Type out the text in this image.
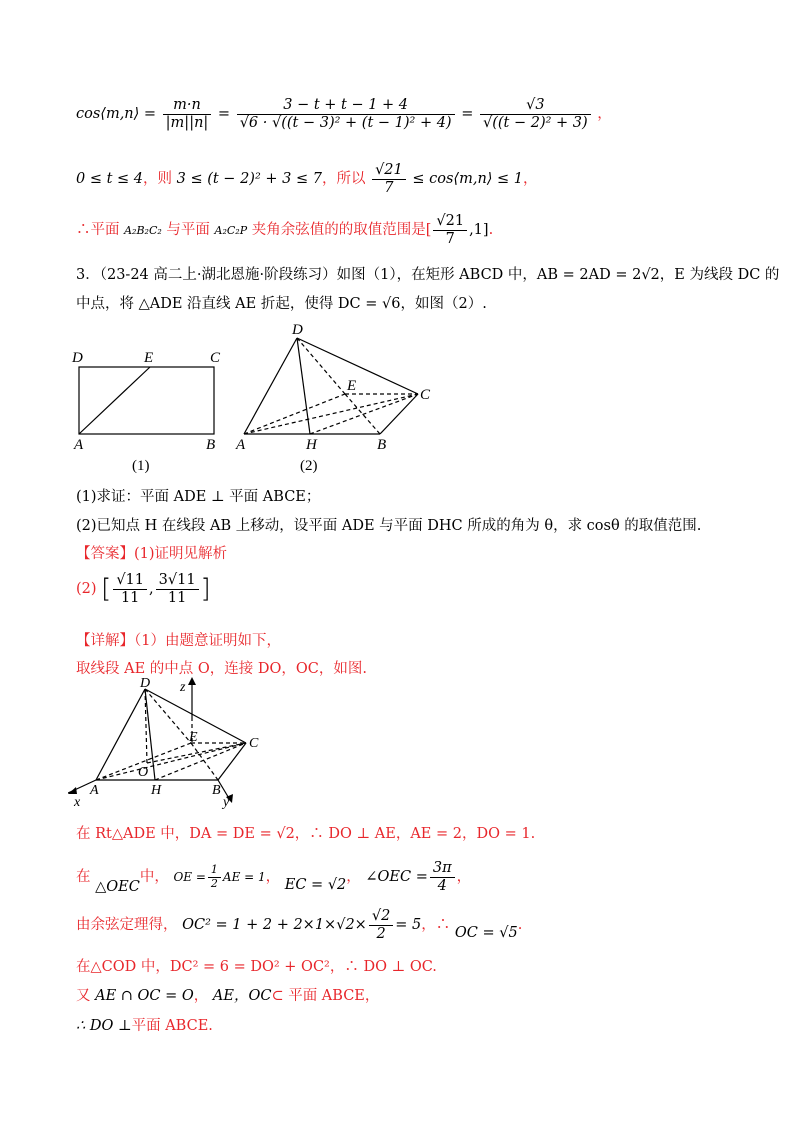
cos⟨m,n⟩ = $\frac{m\cdot n}{|m||n|} = \frac{3 - t + t - 1 + 4}{\text{√6 · √((t − 3)² + (t − 1)² + 4)}} = \frac{√3}{\text{√((t − 2)² + 3)}}$ ，
0 ≤ t ≤ 4，则 3 ≤ (t − 2)² + 3 ≤ 7，所以 $\frac{√21}{7}$ ≤ cos⟨m,n⟩ ≤ 1，
∴平面 A₂B₂C₂ 与平面 A₂C₂P 夹角余弦值的的取值范围是[ $\frac{√21}{7} ,1$].
3．（23-24 高二上·湖北恩施·阶段练习）如图（1），在矩形 ABCD 中，AB = 2AD = 2√2，E 为线段 DC 的
中点，将 △ADE 沿直线 AE 折起，使得 DC = √6，如图（2）.
D	E	C
A	B
(1)
D
E
C
A	H	B
(2)
(1)求证：平面 ADE ⊥ 平面 ABCE；
(2)已知点 H 在线段 AB 上移动，设平面 ADE 与平面 DHC 所成的角为 θ，求 cosθ 的取值范围.
【答案】(1)证明见解析
(2) [ $\frac{√11}{11}$ , $\frac{3√11}{11}$ ]
【详解】（1）由题意证明如下，
取线段 AE 的中点 O，连接 DO，OC，如图.
D z
E	C
O
A	H	B
x	y
在 Rt△ADE 中，DA = DE = √2，∴ DO ⊥ AE，AE = 2，DO = 1.
在 △OEC中， OE = $\frac{1}{2}$ AE = 1， EC = √2， ∠OEC = $\frac{3\pi}{4}$ ，
由余弦定理得， $OC^2 = 1 + 2 + 2\times 1\times√2\times \frac{√2}{2} = 5$，∴ OC = √5.
在△COD 中，DC² = 6 = DO² + OC²，∴ DO ⊥ OC.
又 AE ∩ OC = O， AE，OC⊂ 平面 ABCE，
∴ DO ⊥平面 ABCE.
